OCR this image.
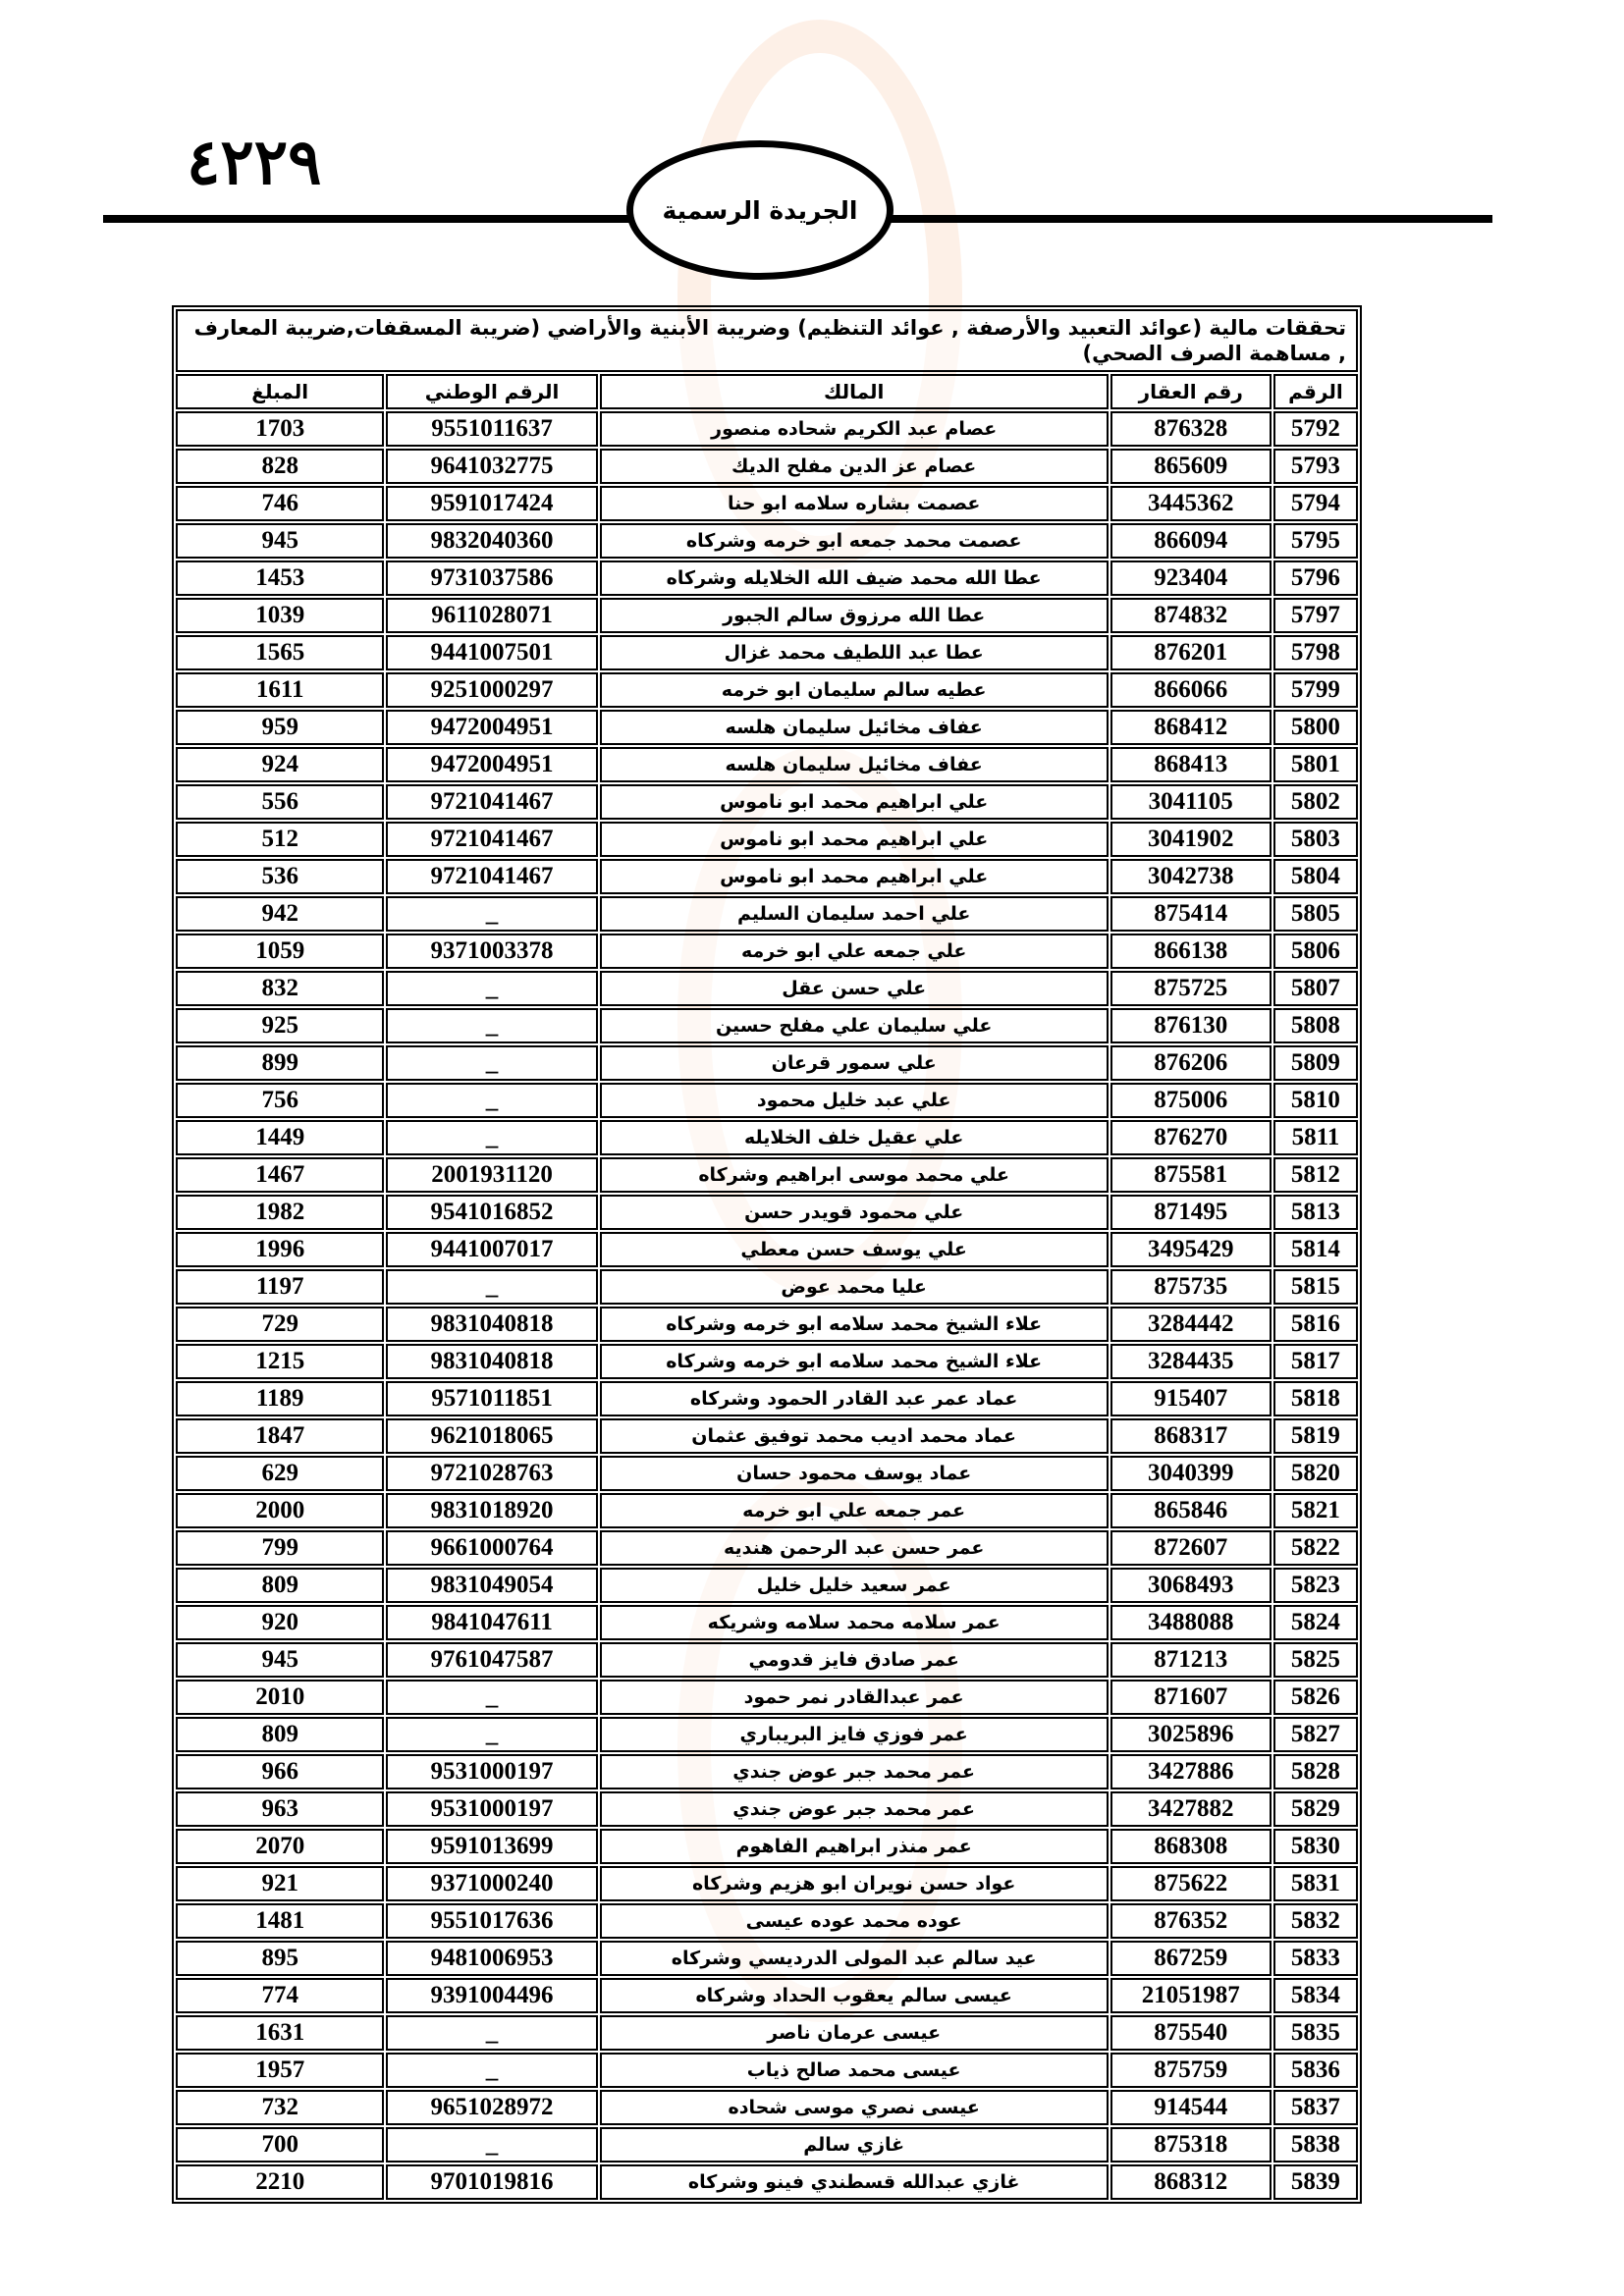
٤٢٢٩
الجريدة الرسمية
تحققات مالية (عوائد التعبيد والأرصفة , عوائد التنظيم) وضريبة الأبنية والأراضي (ضريبة المسقفات,ضريبة المعارف , مساهمة الصرف الصحي)				
الرقم	رقم العقار	المالك	الرقم الوطني	المبلغ
5792	876328	عصام عبد الكريم شحاده منصور	9551011637	1703
5793	865609	عصام عز الدين مفلح الديك	9641032775	828
5794	3445362	عصمت بشاره سلامه ابو حنا	9591017424	746
5795	866094	عصمت محمد جمعه ابو خرمه وشركاه	9832040360	945
5796	923404	عطا الله محمد ضيف الله الخلايله وشركاه	9731037586	1453
5797	874832	عطا الله مرزوق سالم الجبور	9611028071	1039
5798	876201	عطا عبد اللطيف محمد غزال	9441007501	1565
5799	866066	عطيه سالم سليمان ابو خرمه	9251000297	1611
5800	868412	عفاف مخائيل سليمان هلسه	9472004951	959
5801	868413	عفاف مخائيل سليمان هلسه	9472004951	924
5802	3041105	علي ابراهيم محمد ابو ناموس	9721041467	556
5803	3041902	علي ابراهيم محمد ابو ناموس	9721041467	512
5804	3042738	علي ابراهيم محمد ابو ناموس	9721041467	536
5805	875414	علي احمد سليمان السليم	_	942
5806	866138	علي جمعه علي ابو خرمه	9371003378	1059
5807	875725	علي حسن عقل	_	832
5808	876130	علي سليمان علي مفلح حسين	_	925
5809	876206	علي سمور قرعان	_	899
5810	875006	علي عبد خليل محمود	_	756
5811	876270	علي عقيل خلف الخلايله	_	1449
5812	875581	علي محمد موسى ابراهيم وشركاه	2001931120	1467
5813	871495	علي محمود قويدر حسن	9541016852	1982
5814	3495429	علي يوسف حسن معطي	9441007017	1996
5815	875735	عليا محمد عوض	_	1197
5816	3284442	علاء الشيخ محمد سلامه ابو خرمه وشركاه	9831040818	729
5817	3284435	علاء الشيخ محمد سلامه ابو خرمه وشركاه	9831040818	1215
5818	915407	عماد عمر عبد القادر الحمود وشركاه	9571011851	1189
5819	868317	عماد محمد اديب محمد توفيق عثمان	9621018065	1847
5820	3040399	عماد يوسف محمود حسان	9721028763	629
5821	865846	عمر جمعه علي ابو خرمه	9831018920	2000
5822	872607	عمر حسن عبد الرحمن هنديه	9661000764	799
5823	3068493	عمر سعيد خليل خليل	9831049054	809
5824	3488088	عمر سلامه محمد سلامه وشريكه	9841047611	920
5825	871213	عمر صادق فايز قدومي	9761047587	945
5826	871607	عمر عبدالقادر نمر حمود	_	2010
5827	3025896	عمر فوزي فايز البريباري	_	809
5828	3427886	عمر محمد جبر عوض جندي	9531000197	966
5829	3427882	عمر محمد جبر عوض جندي	9531000197	963
5830	868308	عمر منذر ابراهيم الفاهوم	9591013699	2070
5831	875622	عواد حسن نويران ابو هزيم وشركاه	9371000240	921
5832	876352	عوده محمد عوده عيسى	9551017636	1481
5833	867259	عيد سالم عبد المولى الدرديسي وشركاه	9481006953	895
5834	21051987	عيسى سالم يعقوب الحداد وشركاه	9391004496	774
5835	875540	عيسى عرمان ناصر	_	1631
5836	875759	عيسى محمد صالح ذياب	_	1957
5837	914544	عيسى نصري موسى شحاده	9651028972	732
5838	875318	غازي سالم	_	700
5839	868312	غازي عبدالله قسطندي فينو وشركاه	9701019816	2210
